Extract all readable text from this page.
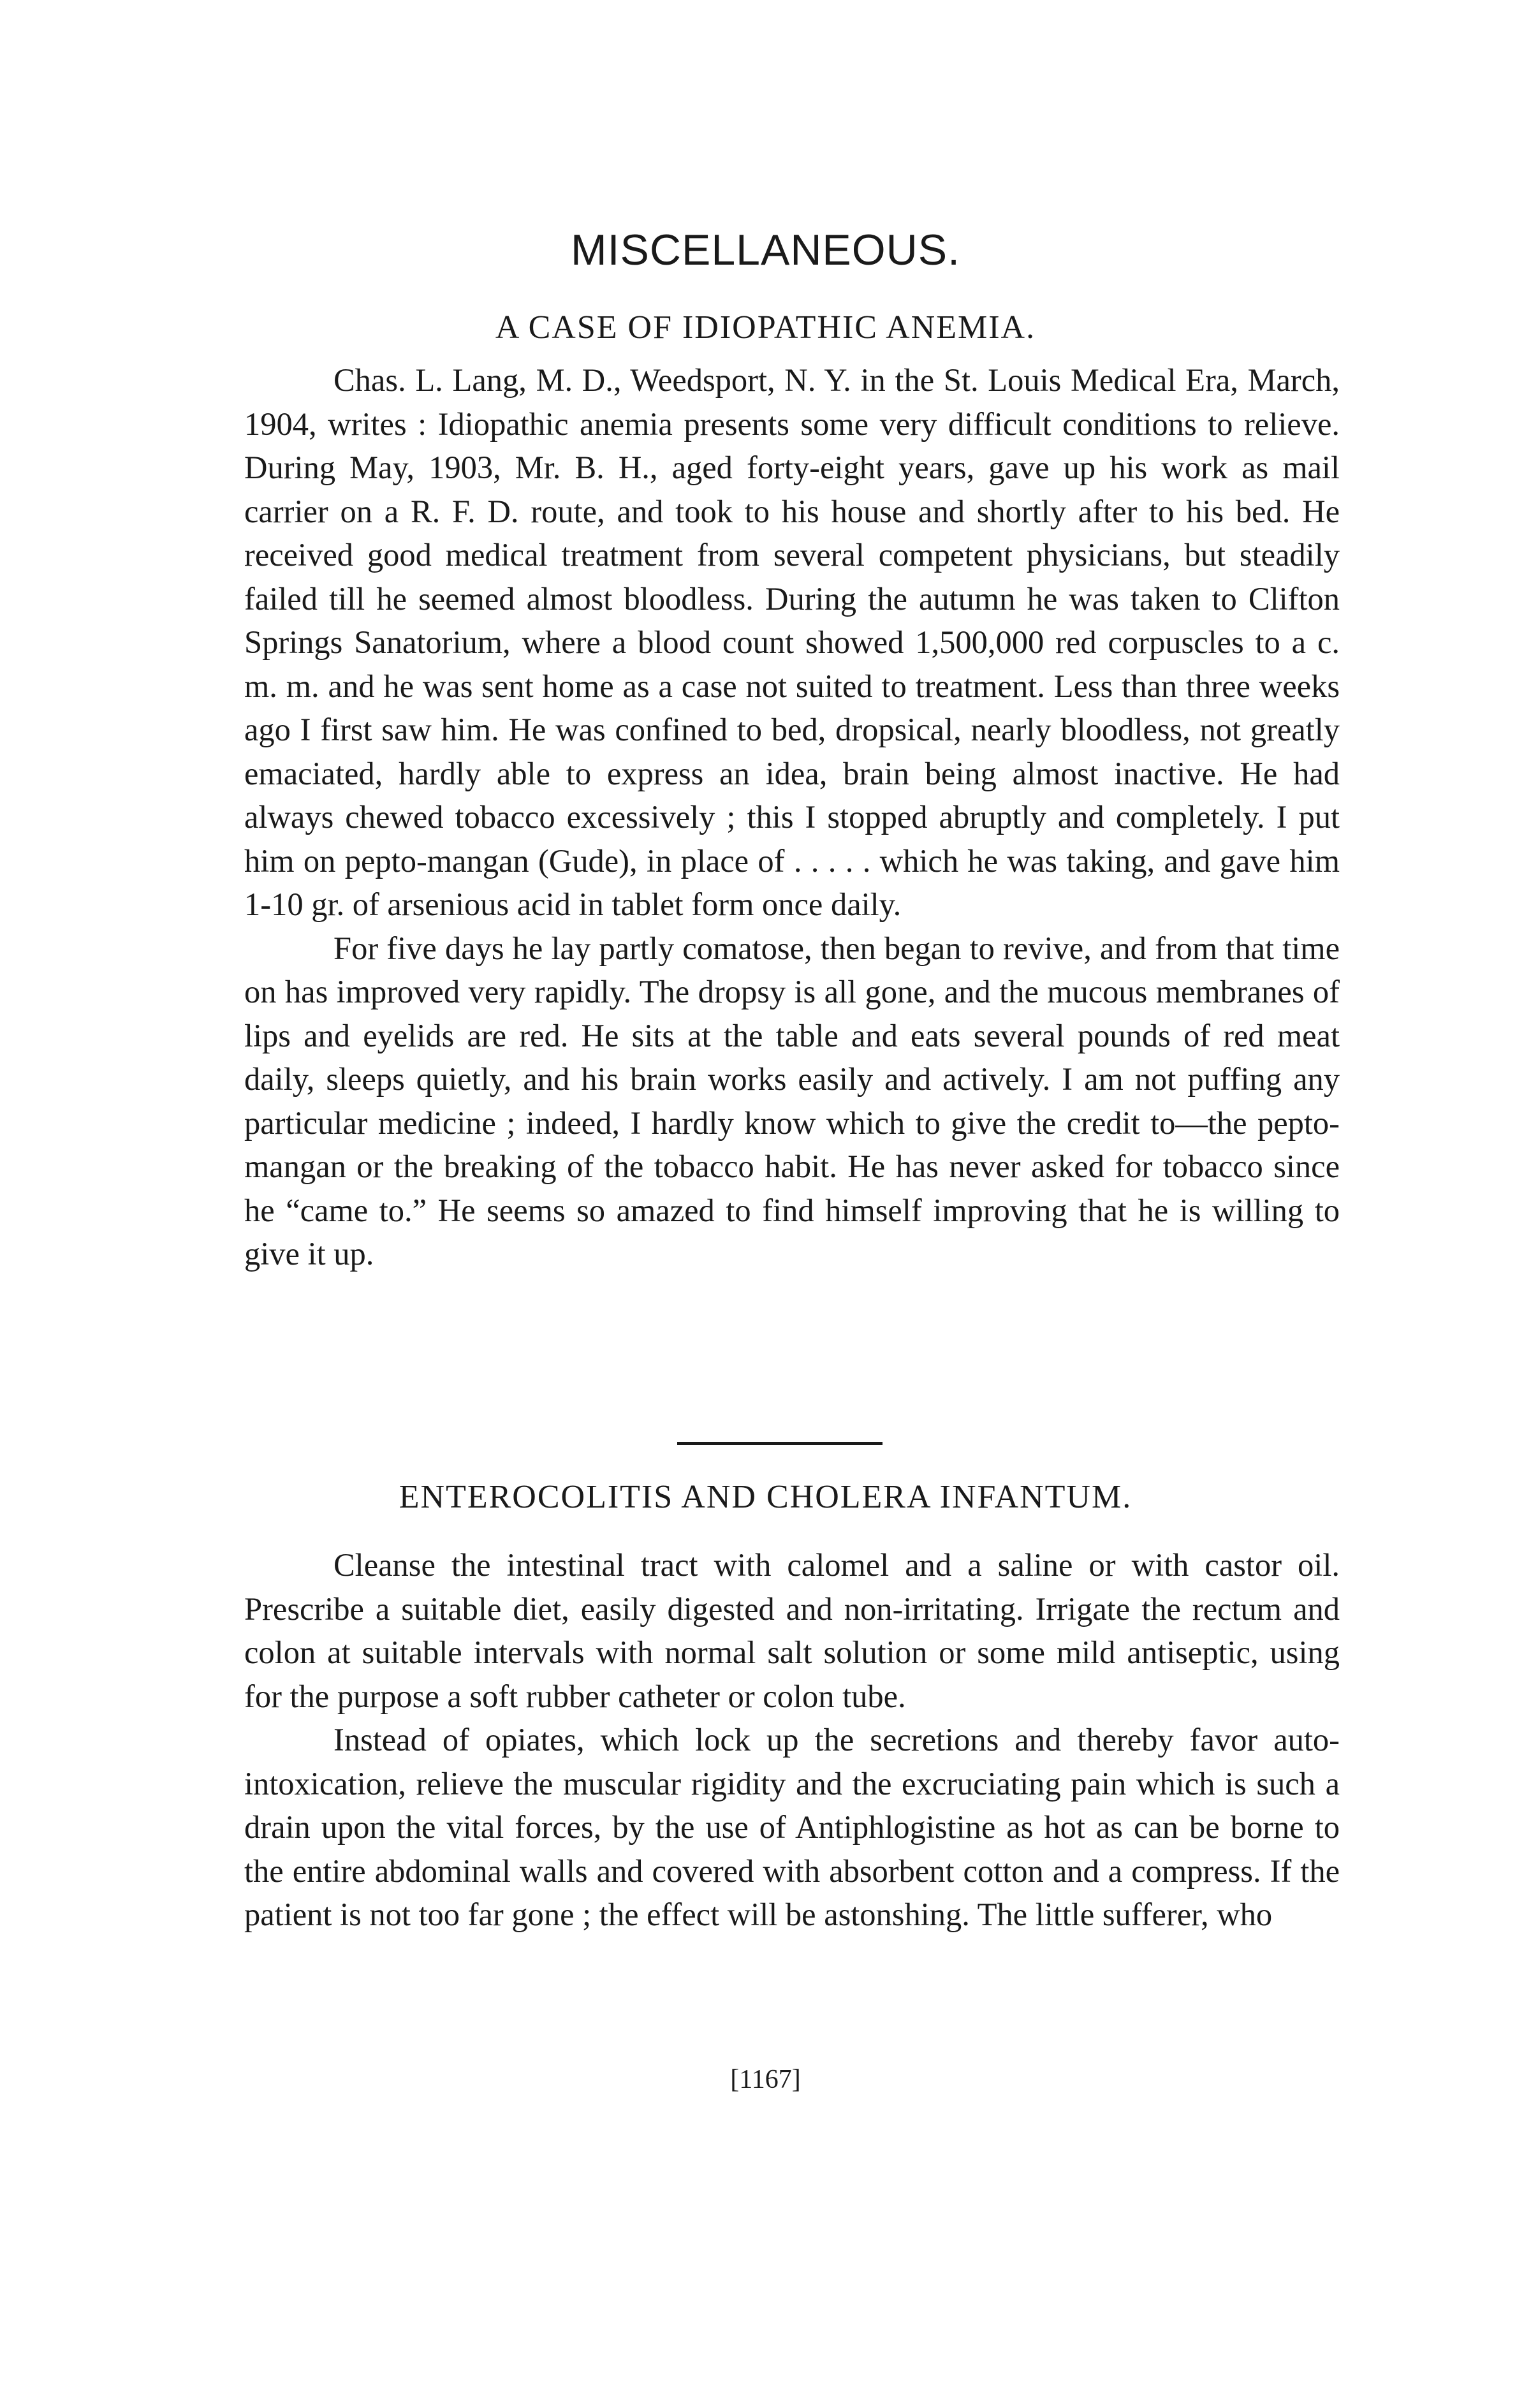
MISCELLANEOUS.
A CASE OF IDIOPATHIC ANEMIA.

Chas. L. Lang, M. D., Weedsport, N. Y. in the St. Louis Medical Era, March, 1904, writes : Idiopathic anemia presents some very difficult conditions to relieve. During May, 1903, Mr. B. H., aged forty-eight years, gave up his work as mail carrier on a R. F. D. route, and took to his house and shortly after to his bed. He received good medical treatment from several competent physicians, but steadily failed till he seemed almost bloodless. During the autumn he was taken to Clifton Springs Sanatorium, where a blood count showed 1,500,000 red corpuscles to a c. m. m. and he was sent home as a case not suited to treatment. Less than three weeks ago I first saw him. He was confined to bed, dropsical, nearly bloodless, not greatly emaciated, hardly able to express an idea, brain being almost inactive. He had always chewed tobacco excessively ; this I stopped abruptly and completely. I put him on pepto-mangan (Gude), in place of . . . . . which he was taking, and gave him 1-10 gr. of arsenious acid in tablet form once daily.

For five days he lay partly comatose, then began to revive, and from that time on has improved very rapidly. The dropsy is all gone, and the mucous membranes of lips and eyelids are red. He sits at the table and eats several pounds of red meat daily, sleeps quietly, and his brain works easily and actively. I am not puffing any particular medicine ; indeed, I hardly know which to give the credit to—the pepto-mangan or the breaking of the tobacco habit. He has never asked for tobacco since he “came to.” He seems so amazed to find himself improving that he is willing to give it up.

ENTEROCOLITIS AND CHOLERA INFANTUM.

Cleanse the intestinal tract with calomel and a saline or with castor oil. Prescribe a suitable diet, easily digested and non-irritating. Irrigate the rectum and colon at suitable intervals with normal salt solution or some mild antiseptic, using for the purpose a soft rubber catheter or colon tube.

Instead of opiates, which lock up the secretions and thereby favor auto-intoxication, relieve the muscular rigidity and the excruciating pain which is such a drain upon the vital forces, by the use of Antiphlogistine as hot as can be borne to the entire abdominal walls and covered with absorbent cotton and a compress. If the patient is not too far gone ; the effect will be astonshing. The little sufferer, who

[1167]
